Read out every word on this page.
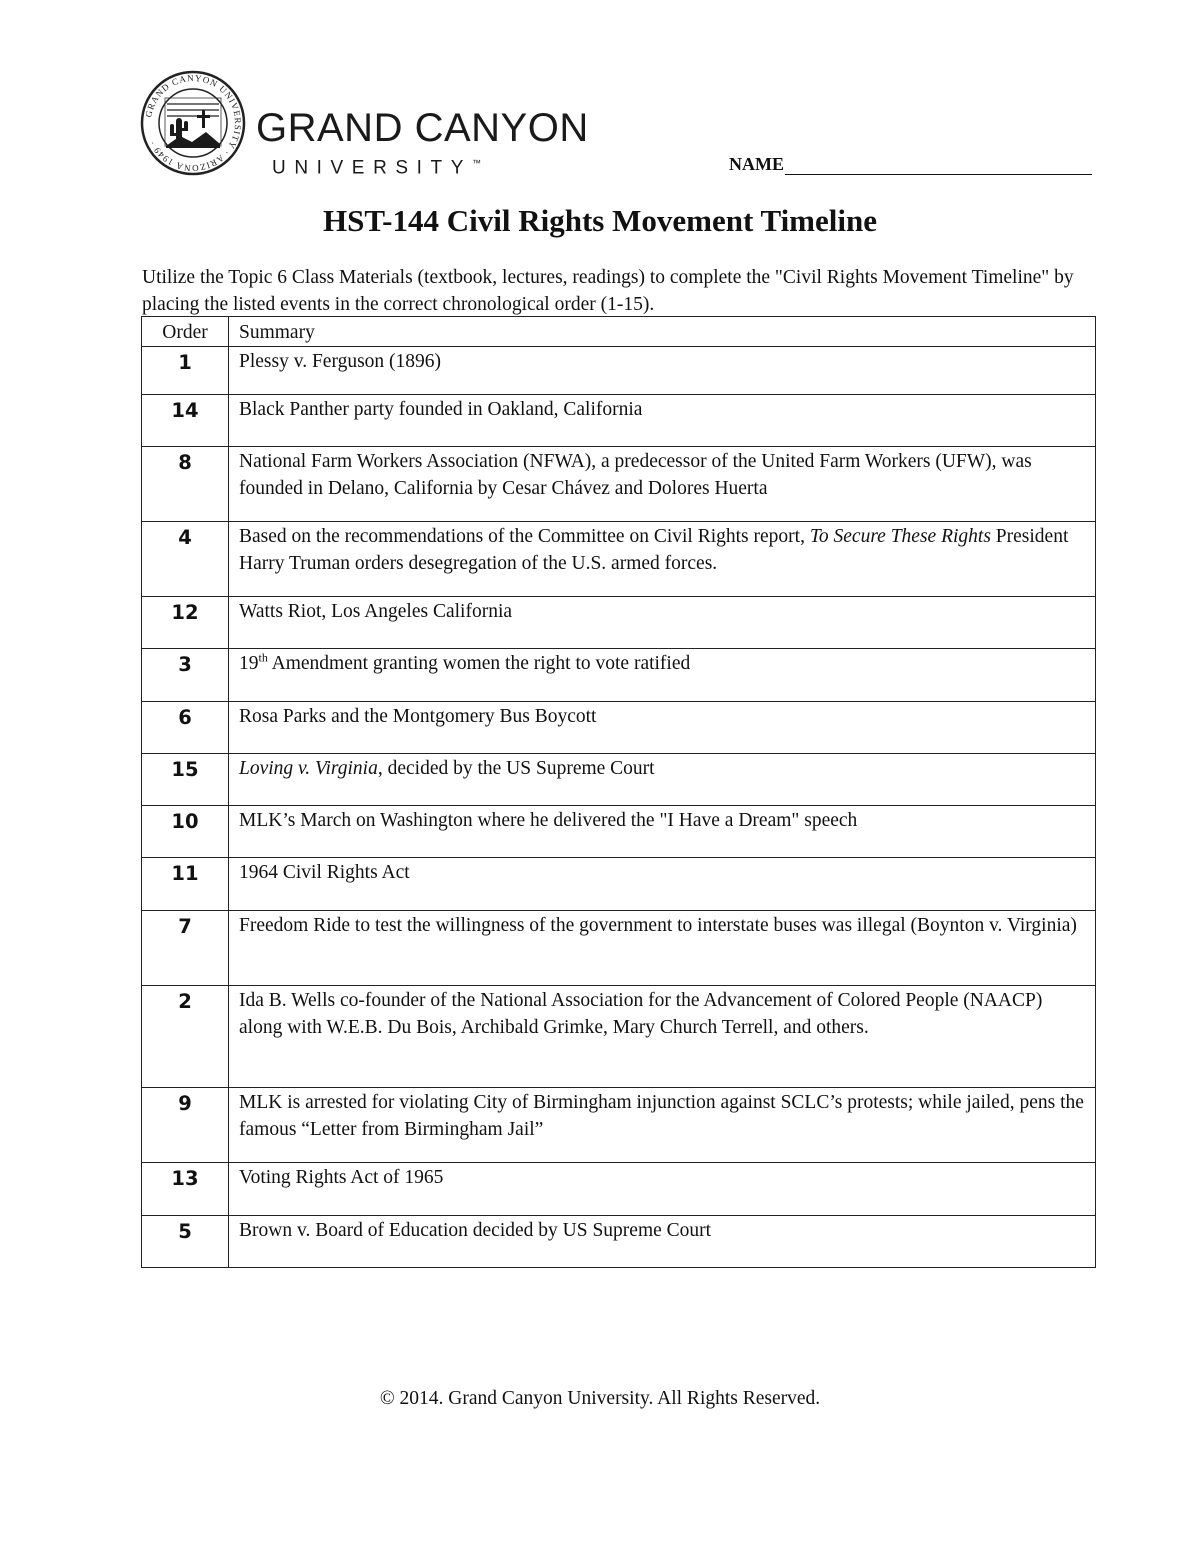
GRAND CANYON UNIVERSITY · ARIZONA 1949 ·	GRAND CANYON
UNIVERSITY™	NAME
HST-144 Civil Rights Movement Timeline

Utilize the Topic 6 Class Materials (textbook, lectures, readings) to complete the "Civil Rights Movement Timeline" by placing the listed events in the correct chronological order (1-15).

Order	Summary
1	Plessy v. Ferguson (1896)
14	Black Panther party founded in Oakland, California
8	National Farm Workers Association (NFWA), a predecessor of the United Farm Workers (UFW), was founded in Delano, California by Cesar Chávez and Dolores Huerta
4	Based on the recommendations of the Committee on Civil Rights report, To Secure These Rights President Harry Truman orders desegregation of the U.S. armed forces.
12	Watts Riot, Los Angeles California
3	19th Amendment granting women the right to vote ratified
6	Rosa Parks and the Montgomery Bus Boycott
15	Loving v. Virginia, decided by the US Supreme Court
10	MLK’s March on Washington where he delivered the "I Have a Dream" speech
11	1964 Civil Rights Act
7	Freedom Ride to test the willingness of the government to interstate buses was illegal (Boynton v. Virginia)
2	Ida B. Wells co-founder of the National Association for the Advancement of Colored People (NAACP) along with W.E.B. Du Bois, Archibald Grimke, Mary Church Terrell, and others.
9	MLK is arrested for violating City of Birmingham injunction against SCLC’s protests; while jailed, pens the famous “Letter from Birmingham Jail”
13	Voting Rights Act of 1965
5	Brown v. Board of Education decided by US Supreme Court

© 2014. Grand Canyon University. All Rights Reserved.
